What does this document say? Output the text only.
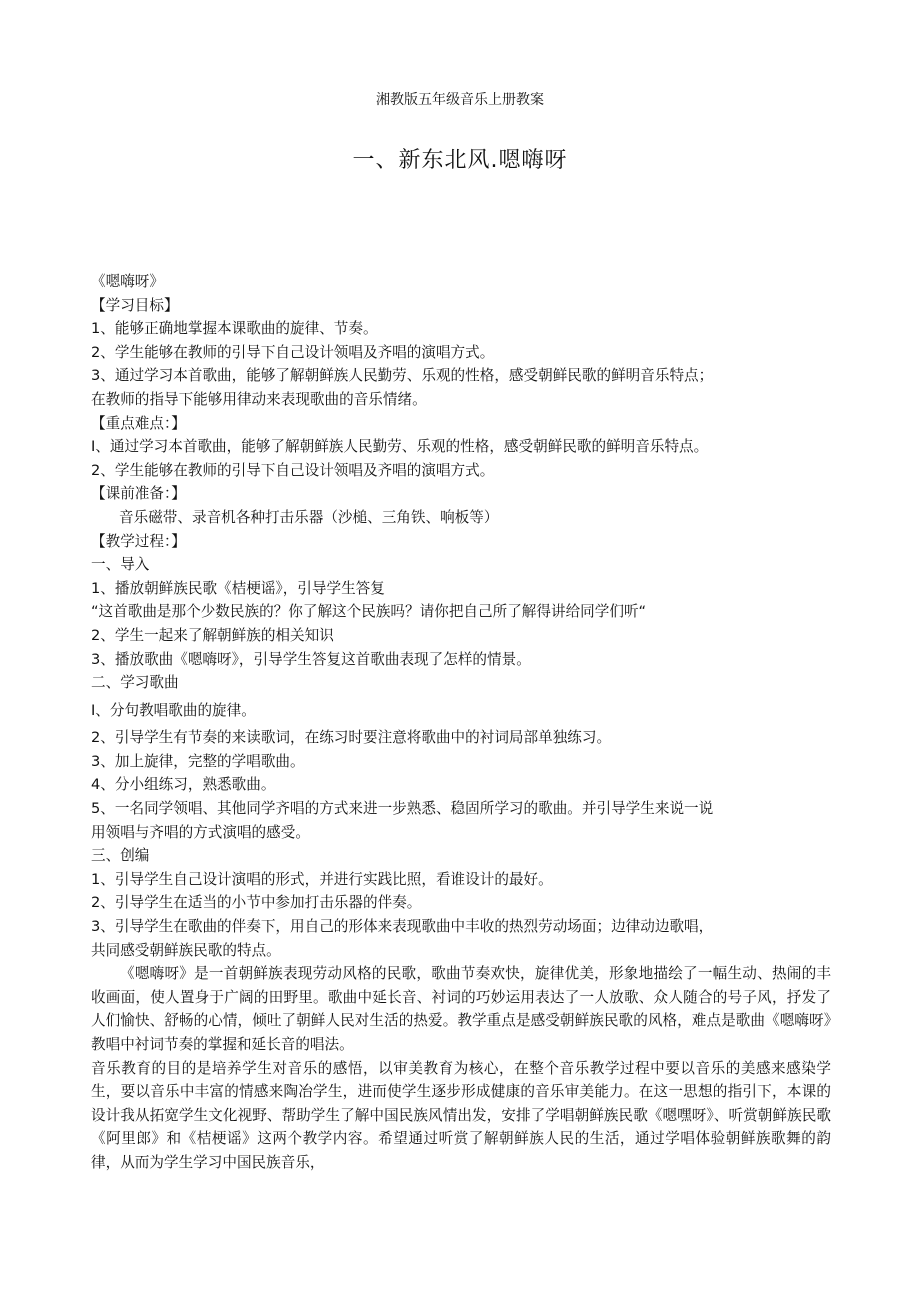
湘教版五年级音乐上册教案
一、新东北风.嗯嗨呀
《嗯嗨呀》
【学习目标】
1、能够正确地掌握本课歌曲的旋律、节奏。
2、学生能够在教师的引导下自己设计领唱及齐唱的演唱方式。
3、通过学习本首歌曲，能够了解朝鲜族人民勤劳、乐观的性格，感受朝鲜民歌的鲜明音乐特点；
在教师的指导下能够用律动来表现歌曲的音乐情绪。
【重点难点：】
I、通过学习本首歌曲，能够了解朝鲜族人民勤劳、乐观的性格，感受朝鲜民歌的鲜明音乐特点。
2、学生能够在教师的引导下自己设计领唱及齐唱的演唱方式。
【课前准备：】
音乐磁带、录音机各种打击乐器（沙槌、三角铁、响板等）
【教学过程：】
一、导入
1、播放朝鲜族民歌《桔梗谣》，引导学生答复
“这首歌曲是那个少数民族的？你了解这个民族吗？请你把自己所了解得讲给同学们听“
2、学生一起来了解朝鲜族的相关知识
3、播放歌曲《嗯嗨呀》，引导学生答复这首歌曲表现了怎样的情景。
二、学习歌曲
I、分句教唱歌曲的旋律。
2、引导学生有节奏的来读歌词，在练习时要注意将歌曲中的衬词局部单独练习。
3、加上旋律，完整的学唱歌曲。
4、分小组练习，熟悉歌曲。
5、一名同学领唱、其他同学齐唱的方式来进一步熟悉、稳固所学习的歌曲。并引导学生来说一说
用领唱与齐唱的方式演唱的感受。
三、创编
1、引导学生自己设计演唱的形式，并进行实践比照，看谁设计的最好。
2、引导学生在适当的小节中参加打击乐器的伴奏。
3、引导学生在歌曲的伴奏下，用自己的形体来表现歌曲中丰收的热烈劳动场面；边律动边歌唱，
共同感受朝鲜族民歌的特点。
《嗯嗨呀》是一首朝鲜族表现劳动风格的民歌，歌曲节奏欢快，旋律优美，形象地描绘了一幅生动、热闹的丰收画面，使人置身于广阔的田野里。歌曲中延长音、衬词的巧妙运用表达了一人放歌、众人随合的号子风，抒发了人们愉快、舒畅的心情，倾吐了朝鲜人民对生活的热爱。教学重点是感受朝鲜族民歌的风格，难点是歌曲《嗯嗨呀》教唱中衬词节奏的掌握和延长音的唱法。
音乐教育的目的是培养学生对音乐的感悟，以审美教育为核心，在整个音乐教学过程中要以音乐的美感来感染学生，要以音乐中丰富的情感来陶冶学生，进而使学生逐步形成健康的音乐审美能力。在这一思想的指引下，本课的设计我从拓宽学生文化视野、帮助学生了解中国民族风情出发，安排了学唱朝鲜族民歌《嗯嘿呀》、听赏朝鲜族民歌《阿里郎》和《桔梗谣》这两个教学内容。希望通过听赏了解朝鲜族人民的生活，通过学唱体验朝鲜族歌舞的韵律，从而为学生学习中国民族音乐，
